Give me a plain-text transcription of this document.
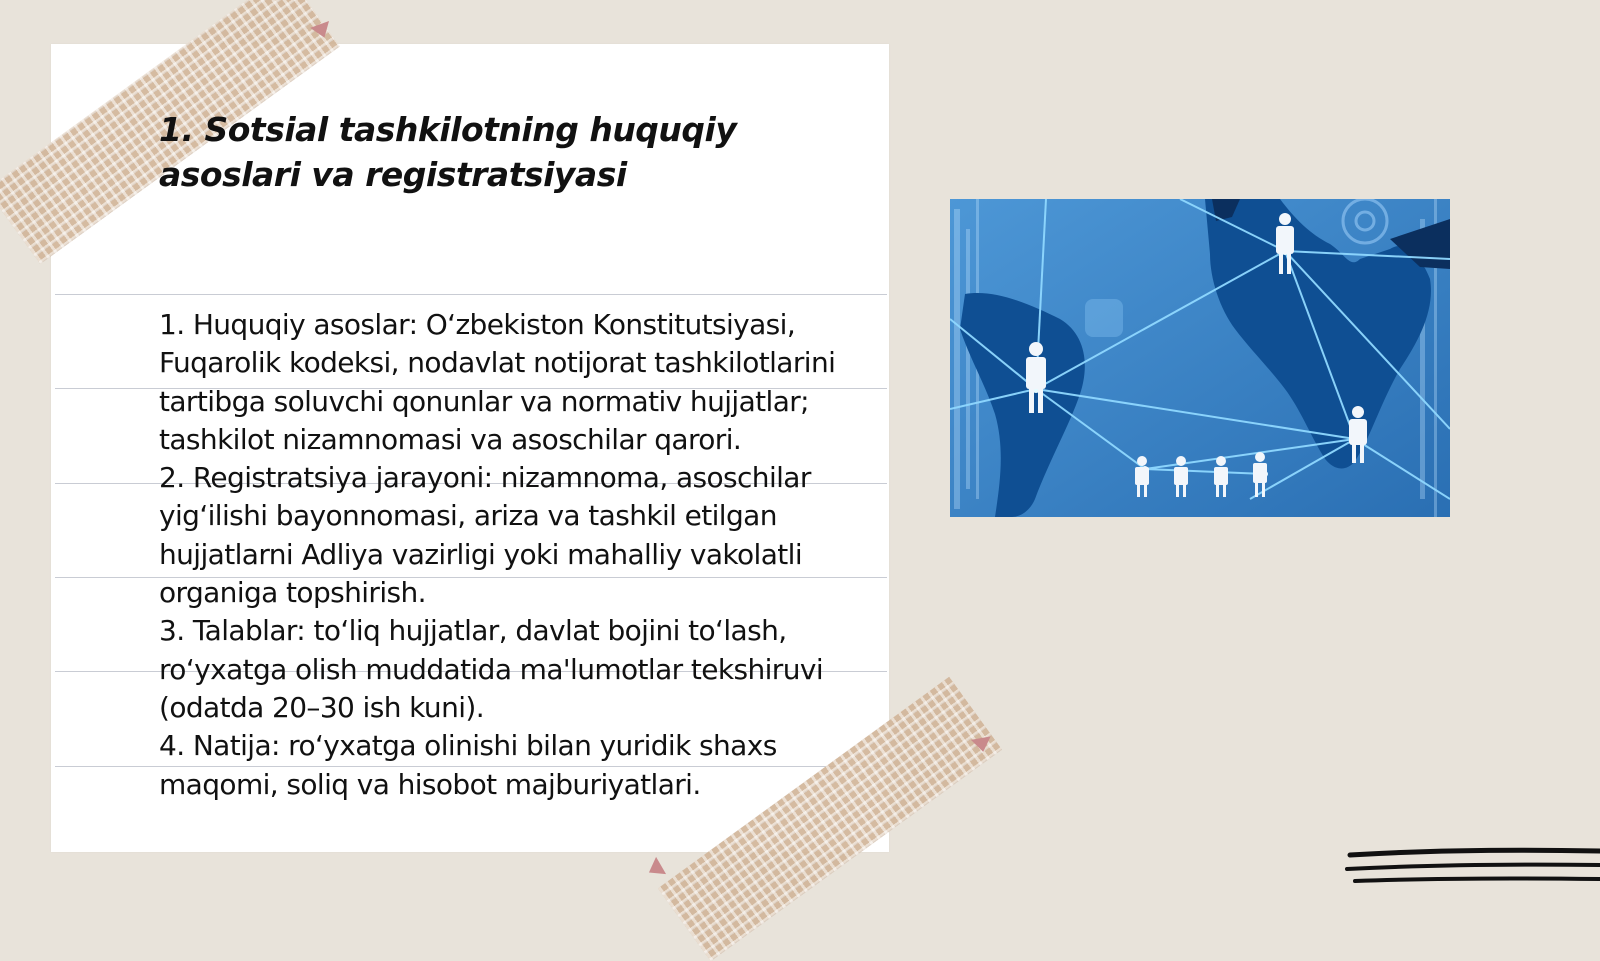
1. Sotsial tashkilotning huquqiy asoslari va registratsiyasi

1. Huquqiy asoslar: O‘zbekiston Konstitutsiyasi, Fuqarolik kodeksi, nodavlat notijorat tashkilotlarini tartibga soluvchi qonunlar va normativ hujjatlar; tashkilot nizamnomasi va asoschilar qarori.

2. Registratsiya jarayoni: nizamnoma, asoschilar yig‘ilishi bayonnomasi, ariza va tashkil etilgan hujjatlarni Adliya vazirligi yoki mahalliy vakolatli organiga topshirish.

3. Talablar: to‘liq hujjatlar, davlat bojini to‘lash, ro‘yxatga olish muddatida ma'lumotlar tekshiruvi (odatda 20–30 ish kuni).

4. Natija: ro‘yxatga olinishi bilan yuridik shaxs maqomi, soliq va hisobot majburiyatlari.
